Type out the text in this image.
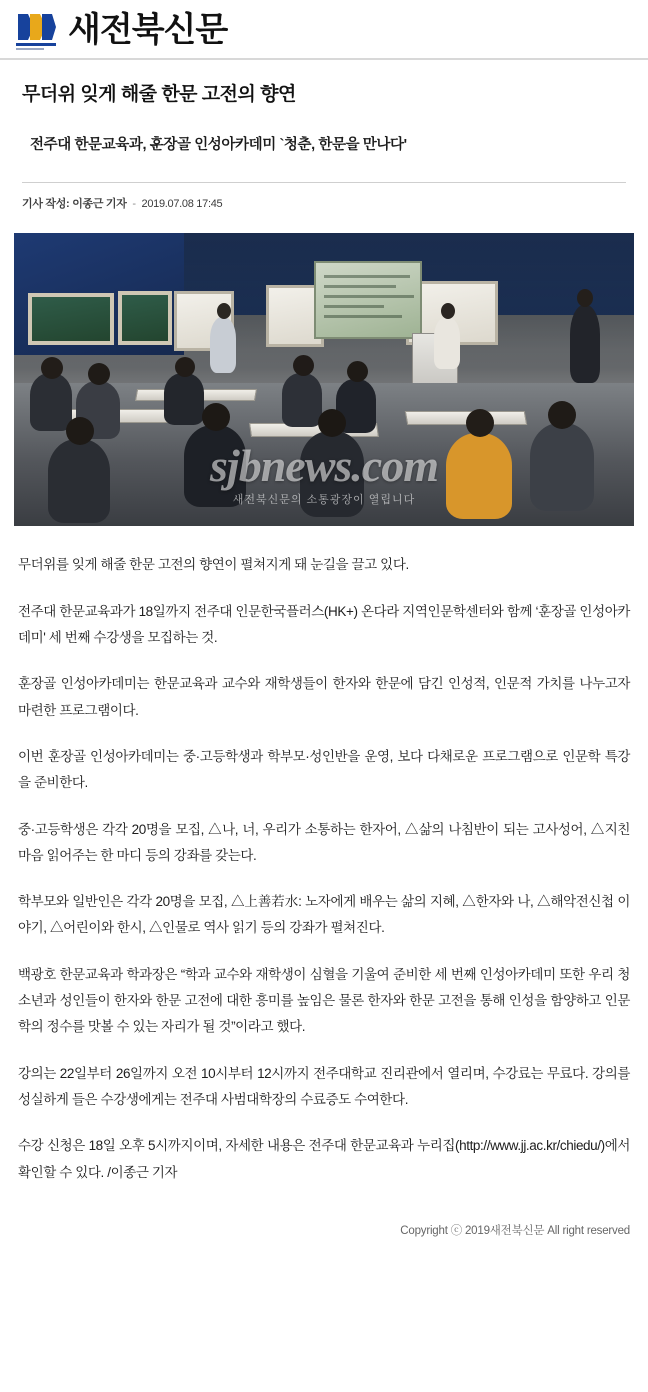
새전북신문
무더위 잊게 해줄 한문 고전의 향연
전주대 한문교육과, 훈장골 인성아카데미 `청춘, 한문을 만나다'
기사 작성: 이종근 기자 - 2019.07.08 17:45
sjbnews.com
새전북신문의 소통광장이 열립니다

무더위를 잊게 해줄 한문 고전의 향연이 펼쳐지게 돼 눈길을 끌고 있다.

전주대 한문교육과가 18일까지 전주대 인문한국플러스(HK+) 온다라 지역인문학센터와 함께 ‘훈장골 인성아카데미' 세 번째 수강생을 모집하는 것.

훈장골 인성아카데미는 한문교육과 교수와 재학생들이 한자와 한문에 담긴 인성적, 인문적 가치를 나누고자 마련한 프로그램이다.

이번 훈장골 인성아카데미는 중·고등학생과 학부모·성인반을 운영, 보다 다채로운 프로그램으로 인문학 특강을 준비한다.

중·고등학생은 각각 20명을 모집, △나, 너, 우리가 소통하는 한자어, △삶의 나침반이 되는 고사성어, △지친 마음 읽어주는 한 마디 등의 강좌를 갖는다.

학부모와 일반인은 각각 20명을 모집, △上善若水: 노자에게 배우는 삶의 지혜, △한자와 나, △해악전신첩 이야기, △어린이와 한시, △인물로 역사 읽기 등의 강좌가 펼쳐진다.

백광호 한문교육과 학과장은 “학과 교수와 재학생이 심혈을 기울여 준비한 세 번째 인성아카데미 또한 우리 청소년과 성인들이 한자와 한문 고전에 대한 흥미를 높임은 물론 한자와 한문 고전을 통해 인성을 함양하고 인문학의 정수를 맛볼 수 있는 자리가 될 것”이라고 했다.

강의는 22일부터 26일까지 오전 10시부터 12시까지 전주대학교 진리관에서 열리며, 수강료는 무료다. 강의를 성실하게 들은 수강생에게는 전주대 사범대학장의 수료증도 수여한다.

수강 신청은 18일 오후 5시까지이며, 자세한 내용은 전주대 한문교육과 누리집(http://www.jj.ac.kr/chiedu/)에서 확인할 수 있다. /이종근 기자

Copyright ⓒ 2019새전북신문 All right reserved
